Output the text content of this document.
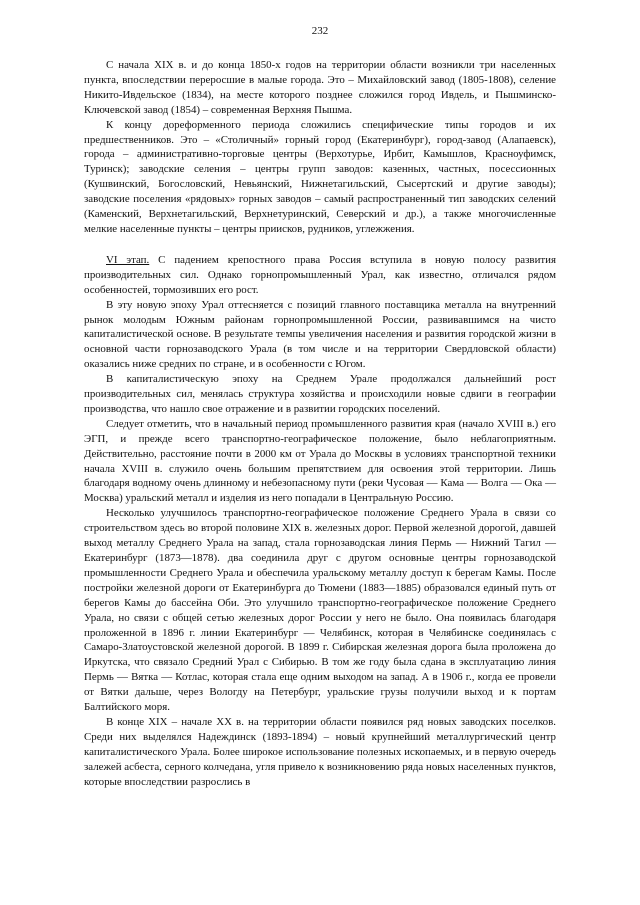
232

С начала XIX в. и до конца 1850-х годов на территории области возникли три населенных пункта, впоследствии переросшие в малые города. Это – Михайловский завод (1805-1808), селение Никито-Ивдельское (1834), на месте которого позднее сложился город Ивдель, и Пышминско-Ключевской завод (1854) – современная Верхняя Пышма.

К концу дореформенного периода сложились специфические типы городов и их предшественников. Это – «Столичный» горный город (Екатеринбург), город-завод (Алапаевск), города – административно-торговые центры (Верхотурье, Ирбит, Камышлов, Красноуфимск, Туринск); заводские селения – центры групп заводов: казенных, частных, посессионных (Кушвинский, Богословский, Невьянский, Нижнетагильский, Сысертский и другие заводы); заводские поселения «рядовых» горных заводов – самый распространенный тип заводских селений (Каменский, Верхнетагильский, Верхнетуринский, Северский и др.), а также многочисленные мелкие населенные пункты – центры приисков, рудников, углежжения.

VI этап. С падением крепостного права Россия вступила в новую полосу развития производительных сил. Однако горнопромышленный Урал, как известно, отличался рядом особенностей, тормозивших его рост.

В эту новую эпоху Урал оттесняется с позиций главного поставщика металла на внутренний рынок молодым Южным районам горнопромышленной России, развивавшимся на чисто капиталистической основе. В результате темпы увеличения населения и развития городской жизни в основной части горнозаводского Урала (в том числе и на территории Свердловской области) оказались ниже средних по стране, и в особенности с Югом.

В капиталистическую эпоху на Среднем Урале продолжался дальнейший рост производительных сил, менялась структура хозяйства и происходили новые сдвиги в географии производства, что нашло свое отражение и в развитии городских поселений.

Следует отметить, что в начальный период промышленного развития края (начало XVIII в.) его ЭГП, и прежде всего транспортно-географическое положение, было неблагоприятным. Действительно, расстояние почти в 2000 км от Урала до Москвы в условиях транспортной техники начала XVIII в. служило очень большим препятствием для освоения этой территории. Лишь благодаря водному очень длинному и небезопасному пути (реки Чусовая — Кама — Волга — Ока — Москва) уральский металл и изделия из него попадали в Центральную Россию.

Несколько улучшилось транспортно-географическое положение Среднего Урала в связи со строительством здесь во второй половине XIX в. железных дорог. Первой железной дорогой, давшей выход металлу Среднего Урала на запад, стала горнозаводская линия Пермь — Нижний Тагил — Екатеринбург (1873—1878). два соединила друг с другом основные центры горнозаводской промышленности Среднего Урала и обеспечила уральскому металлу доступ к берегам Камы. После постройки железной дороги от Екатеринбурга до Тюмени (1883—1885) образовался единый путь от берегов Камы до бассейна Оби. Это улучшило транспортно-географическое положение Среднего Урала, но связи с общей сетью железных дорог России у него не было. Она появилась благодаря проложенной в 1896 г. линии Екатеринбург — Челябинск, которая в Челябинске соединялась с Самаро-Златоустовской железной дорогой. В 1899 г. Сибирская железная дорога была проложена до Иркутска, что связало Средний Урал с Сибирью. В том же году была сдана в эксплуатацию линия Пермь — Вятка — Котлас, которая стала еще одним выходом на запад. А в 1906 г., когда ее провели от Вятки дальше, через Вологду на Петербург, уральские грузы получили выход и к портам Балтийского моря.

В конце XIX – начале XX в. на территории области появился ряд новых заводских поселков. Среди них выделялся Надеждинск (1893-1894) – новый крупнейший металлургический центр капиталистического Урала. Более широкое использование полезных ископаемых, и в первую очередь залежей асбеста, серного колчедана, угля привело к возникновению ряда новых населенных пунктов, которые впоследствии разрослись в
